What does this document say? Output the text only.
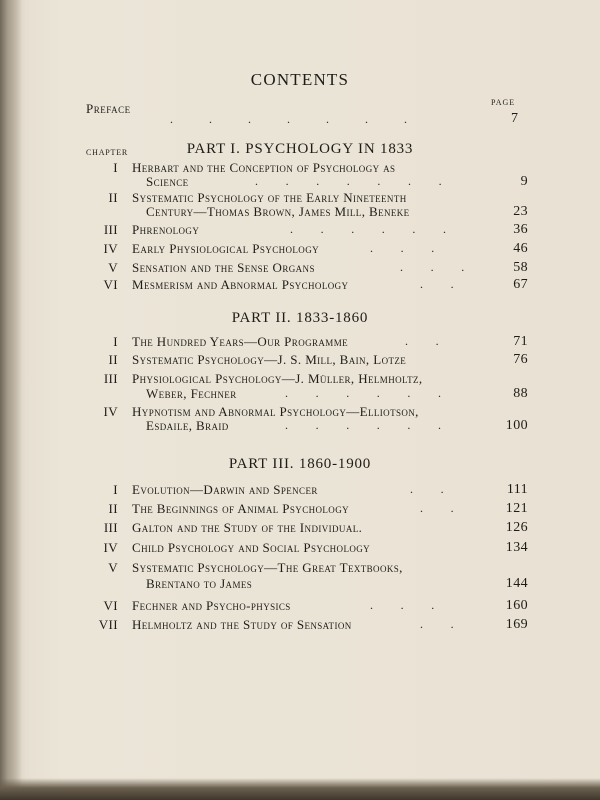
CONTENTS
PAGE
Preface
.            .            .            .            .            .            .	7
CHAPTER	PART I. PSYCHOLOGY IN 1833
I Herbart and the Conception of Psychology as
Science	.        .        .        .        .        .        .	9
II Systematic Psychology of the Early Nineteenth
Century—Thomas Brown, James Mill, Beneke	23
III Phrenology	.        .        .        .        .        .	36
IV Early Physiological Psychology	.        .        .	46
V Sensation and the Sense Organs	.        .        .	58
VI Mesmerism and Abnormal Psychology	.        .	67
PART II. 1833-1860
I The Hundred Years—Our Programme	.        .	71
II Systematic Psychology—J. S. Mill, Bain, Lotze	76
III Physiological Psychology—J. Müller, Helmholtz,
Weber, Fechner	.        .        .        .        .        .	88
IV Hypnotism and Abnormal Psychology—Elliotson,
Esdaile, Braid	.        .        .        .        .        .	100
PART III. 1860-1900
I Evolution—Darwin and Spencer	.        .	111
II The Beginnings of Animal Psychology	.        .	121
III Galton and the Study of the Individual.	126
IV Child Psychology and Social Psychology	134
V Systematic Psychology—The Great Textbooks,
Brentano to James	144
VI Fechner and Psycho-physics	.        .        .	160
VII Helmholtz and the Study of Sensation	.        .	169
